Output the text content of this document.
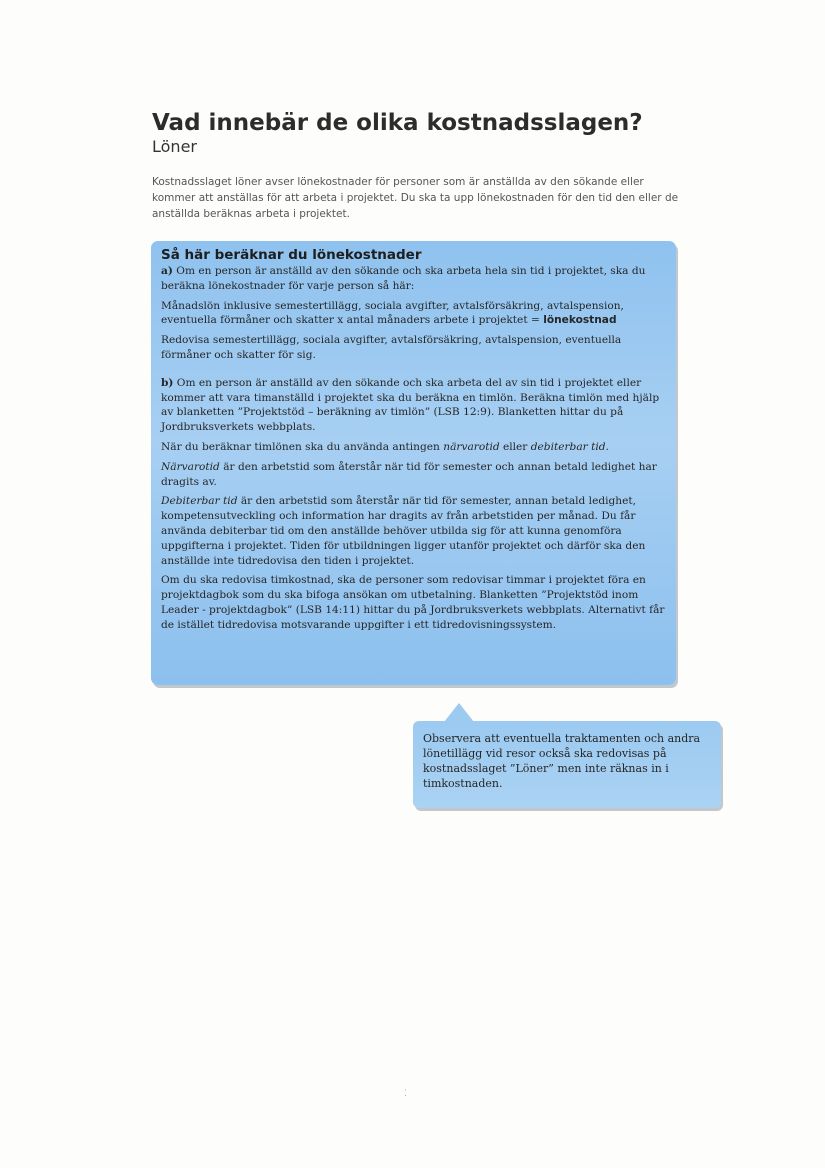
Vad innebär de olika kostnadsslagen?
Löner

Kostnadsslaget löner avser lönekostnader för personer som är anställda av den sökande eller kommer att anställas för att arbeta i projektet. Du ska ta upp lönekostnaden för den tid den eller de anställda beräknas arbeta i projektet.

Så här beräknar du lönekostnader

a) Om en person är anställd av den sökande och ska arbeta hela sin tid i projektet, ska du beräkna lönekostnader för varje person så här:

Månadslön inklusive semestertillägg, sociala avgifter, avtalsförsäkring, avtalspension, eventuella förmåner och skatter x antal månaders arbete i projektet = lönekostnad

Redovisa semestertillägg, sociala avgifter, avtalsförsäkring, avtalspension, eventuella förmåner och skatter för sig.

b) Om en person är anställd av den sökande och ska arbeta del av sin tid i projektet eller kommer att vara timanställd i projektet ska du beräkna en timlön. Beräkna timlön med hjälp av blanketten ”Projektstöd – beräkning av timlön” (LSB 12:9). Blanketten hittar du på Jordbruksverkets webbplats.

När du beräknar timlönen ska du använda antingen närvarotid eller debiterbar tid.

Närvarotid är den arbetstid som återstår när tid för semester och annan betald ledighet har dragits av.

Debiterbar tid är den arbetstid som återstår när tid för semester, annan betald ledighet, kompetensutveckling och information har dragits av från arbetstiden per månad. Du får använda debiterbar tid om den anställde behöver utbilda sig för att kunna genomföra uppgifterna i projektet. Tiden för utbildningen ligger utanför projektet och därför ska den anställde inte tidredovisa den tiden i projektet.

Om du ska redovisa timkostnad, ska de personer som redovisar timmar i projektet föra en projektdagbok som du ska bifoga ansökan om utbetalning. Blanketten ”Projektstöd inom Leader - projektdagbok” (LSB 14:11) hittar du på Jordbruksverkets webbplats. Alternativt får de istället tidredovisa motsvarande uppgifter i ett tidredovisningssystem.

Observera att eventuella traktamenten och andra lönetillägg vid resor också ska redovisas på kostnadsslaget ”Löner” men inte räknas in i timkostnaden.

⁚
